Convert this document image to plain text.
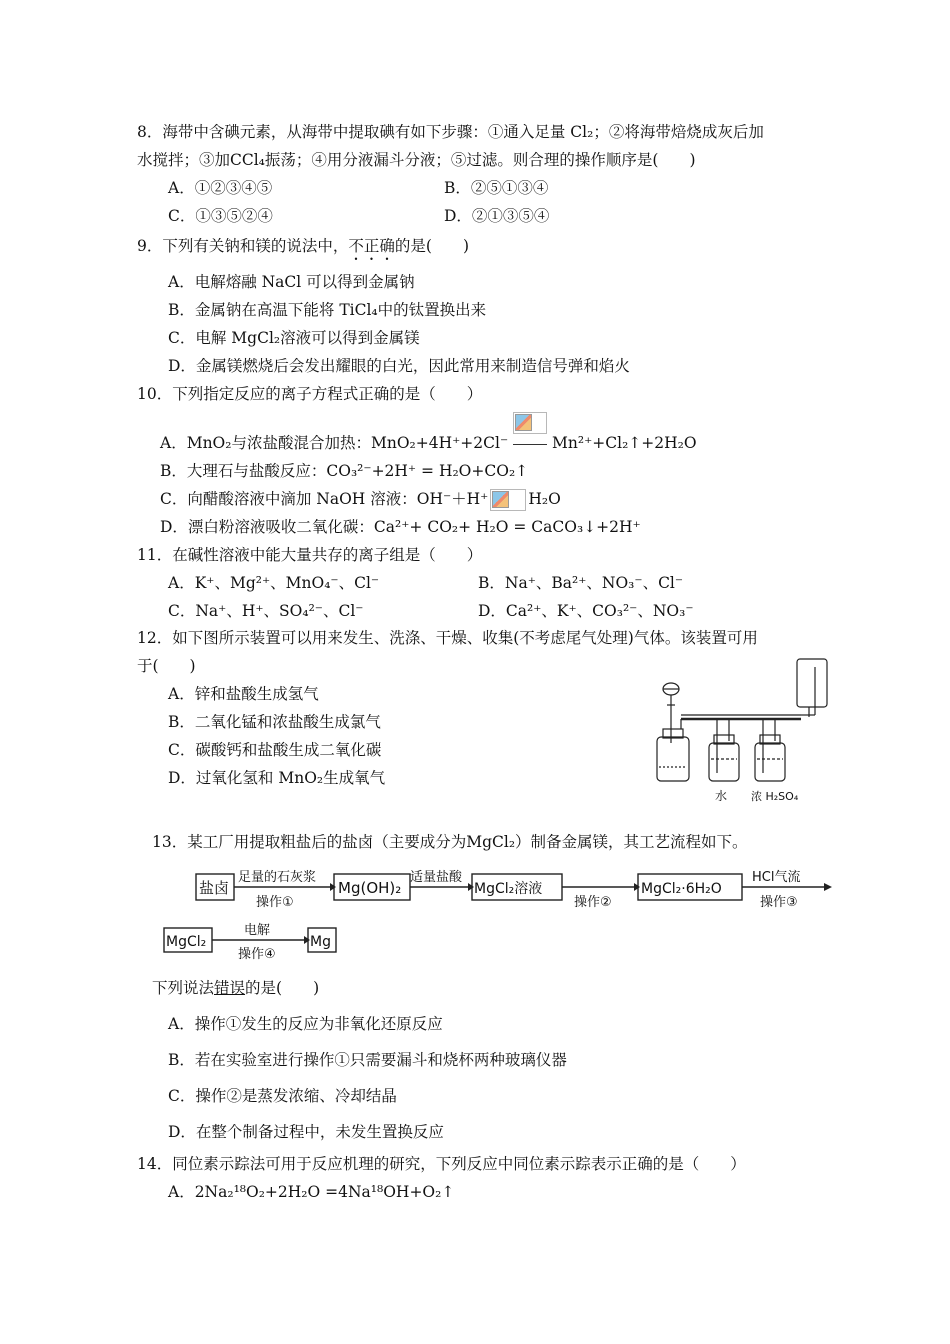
8．海带中含碘元素，从海带中提取碘有如下步骤：①通入足量 Cl₂；②将海带焙烧成灰后加
水搅拌；③加CCl₄振荡；④用分液漏斗分液；⑤过滤。则合理的操作顺序是(　　)
A．①②③④⑤	B．②⑤①③④
C．①③⑤②④	D．②①③⑤④
9．下列有关钠和镁的说法中，不正确的是(　　)
A．电解熔融 NaCl 可以得到金属钠
B．金属钠在高温下能将 TiCl₄中的钛置换出来
C．电解 MgCl₂溶液可以得到金属镁
D．金属镁燃烧后会发出耀眼的白光，因此常用来制造信号弹和焰火
10．下列指定反应的离子方程式正确的是（　　）
A．MnO₂与浓盐酸混合加热：MnO₂+4H⁺+2Cl⁻	Mn²⁺+Cl₂↑+2H₂O
B．大理石与盐酸反应：CO₃²⁻+2H⁺ = H₂O+CO₂↑
C．向醋酸溶液中滴加 NaOH 溶液：OH⁻＋H⁺	H₂O
D．漂白粉溶液吸收二氧化碳：Ca²⁺+ CO₂+ H₂O = CaCO₃↓+2H⁺
11．在碱性溶液中能大量共存的离子组是（　　）
A．K⁺、Mg²⁺、MnO₄⁻、Cl⁻	B．Na⁺、Ba²⁺、NO₃⁻、Cl⁻
C．Na⁺、H⁺、SO₄²⁻、Cl⁻	D．Ca²⁺、K⁺、CO₃²⁻、NO₃⁻
12．如下图所示装置可以用来发生、洗涤、干燥、收集(不考虑尾气处理)气体。该装置可用
于(　　)
A．锌和盐酸生成氢气
B．二氧化锰和浓盐酸生成氯气
C．碳酸钙和盐酸生成二氧化碳
D．过氧化氢和 MnO₂生成氧气
水 浓 H₂SO₄
13．某工厂用提取粗盐后的盐卤（主要成分为MgCl₂）制备金属镁，其工艺流程如下。
盐卤
足量的石灰浆
操作①
Mg(OH)₂
适量盐酸
MgCl₂溶液
操作②
MgCl₂·6H₂O
HCl气流
操作③
MgCl₂
电解
操作④
Mg
下列说法错误的是(　　)
A．操作①发生的反应为非氧化还原反应
B．若在实验室进行操作①只需要漏斗和烧杯两种玻璃仪器
C．操作②是蒸发浓缩、冷却结晶
D．在整个制备过程中，未发生置换反应
14．同位素示踪法可用于反应机理的研究，下列反应中同位素示踪表示正确的是（　　）
A．2Na₂¹⁸O₂+2H₂O =4Na¹⁸OH+O₂↑
